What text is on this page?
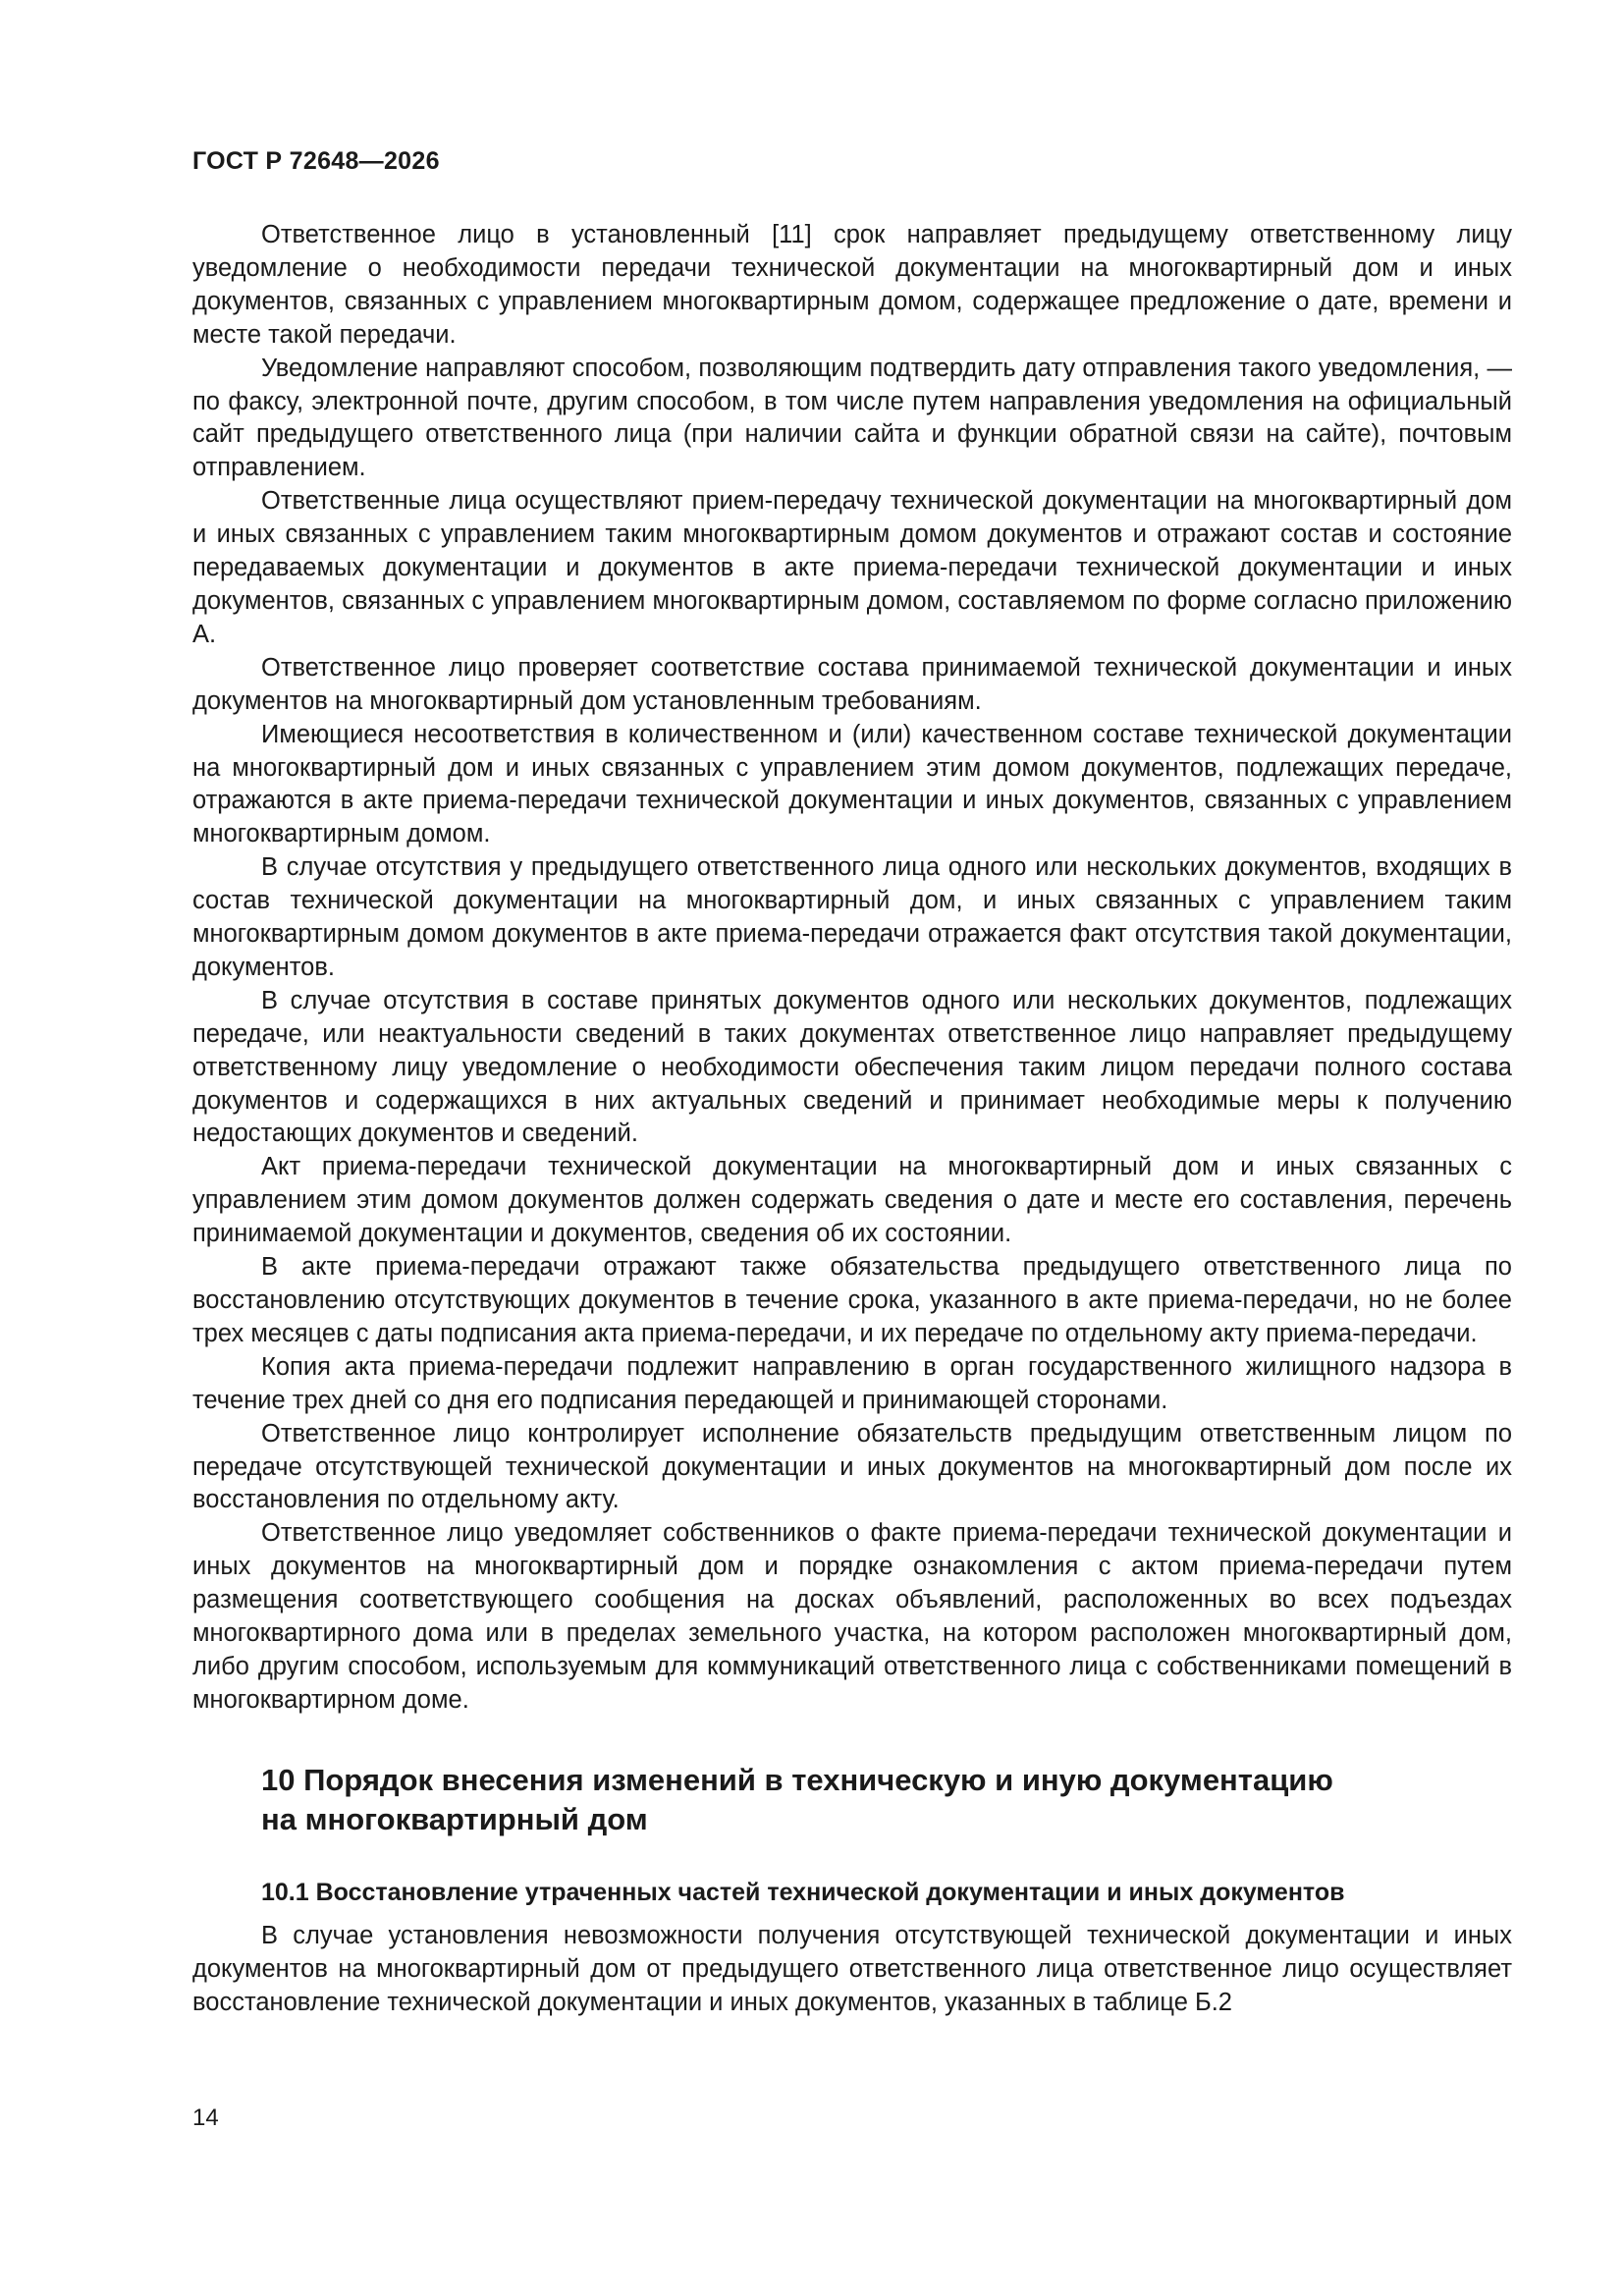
ГОСТ Р 72648—2026

Ответственное лицо в установленный [11] срок направляет предыдущему ответственному лицу уведомление о необходимости передачи технической документации на многоквартирный дом и иных документов, связанных с управлением многоквартирным домом, содержащее предложение о дате, времени и месте такой передачи.

Уведомление направляют способом, позволяющим подтвердить дату отправления такого уведомления, — по факсу, электронной почте, другим способом, в том числе путем направления уведомления на официальный сайт предыдущего ответственного лица (при наличии сайта и функции обратной связи на сайте), почтовым отправлением.

Ответственные лица осуществляют прием-передачу технической документации на многоквартирный дом и иных связанных с управлением таким многоквартирным домом документов и отражают состав и состояние передаваемых документации и документов в акте приема-передачи технической документации и иных документов, связанных с управлением многоквартирным домом, составляемом по форме согласно приложению А.

Ответственное лицо проверяет соответствие состава принимаемой технической документации и иных документов на многоквартирный дом установленным требованиям.

Имеющиеся несоответствия в количественном и (или) качественном составе технической документации на многоквартирный дом и иных связанных с управлением этим домом документов, подлежащих передаче, отражаются в акте приема-передачи технической документации и иных документов, связанных с управлением многоквартирным домом.

В случае отсутствия у предыдущего ответственного лица одного или нескольких документов, входящих в состав технической документации на многоквартирный дом, и иных связанных с управлением таким многоквартирным домом документов в акте приема-передачи отражается факт отсутствия такой документации, документов.

В случае отсутствия в составе принятых документов одного или нескольких документов, подлежащих передаче, или неактуальности сведений в таких документах ответственное лицо направляет предыдущему ответственному лицу уведомление о необходимости обеспечения таким лицом передачи полного состава документов и содержащихся в них актуальных сведений и принимает необходимые меры к получению недостающих документов и сведений.

Акт приема-передачи технической документации на многоквартирный дом и иных связанных с управлением этим домом документов должен содержать сведения о дате и месте его составления, перечень принимаемой документации и документов, сведения об их состоянии.

В акте приема-передачи отражают также обязательства предыдущего ответственного лица по восстановлению отсутствующих документов в течение срока, указанного в акте приема-передачи, но не более трех месяцев с даты подписания акта приема-передачи, и их передаче по отдельному акту приема-передачи.

Копия акта приема-передачи подлежит направлению в орган государственного жилищного надзора в течение трех дней со дня его подписания передающей и принимающей сторонами.

Ответственное лицо контролирует исполнение обязательств предыдущим ответственным лицом по передаче отсутствующей технической документации и иных документов на многоквартирный дом после их восстановления по отдельному акту.

Ответственное лицо уведомляет собственников о факте приема-передачи технической документации и иных документов на многоквартирный дом и порядке ознакомления с актом приема-передачи путем размещения соответствующего сообщения на досках объявлений, расположенных во всех подъездах многоквартирного дома или в пределах земельного участка, на котором расположен многоквартирный дом, либо другим способом, используемым для коммуникаций ответственного лица с собственниками помещений в многоквартирном доме.

10 Порядок внесения изменений в техническую и иную документацию
на многоквартирный дом
10.1 Восстановление утраченных частей технической документации и иных документов

В случае установления невозможности получения отсутствующей технической документации и иных документов на многоквартирный дом от предыдущего ответственного лица ответственное лицо осуществляет восстановление технической документации и иных документов, указанных в таблице Б.2

14
